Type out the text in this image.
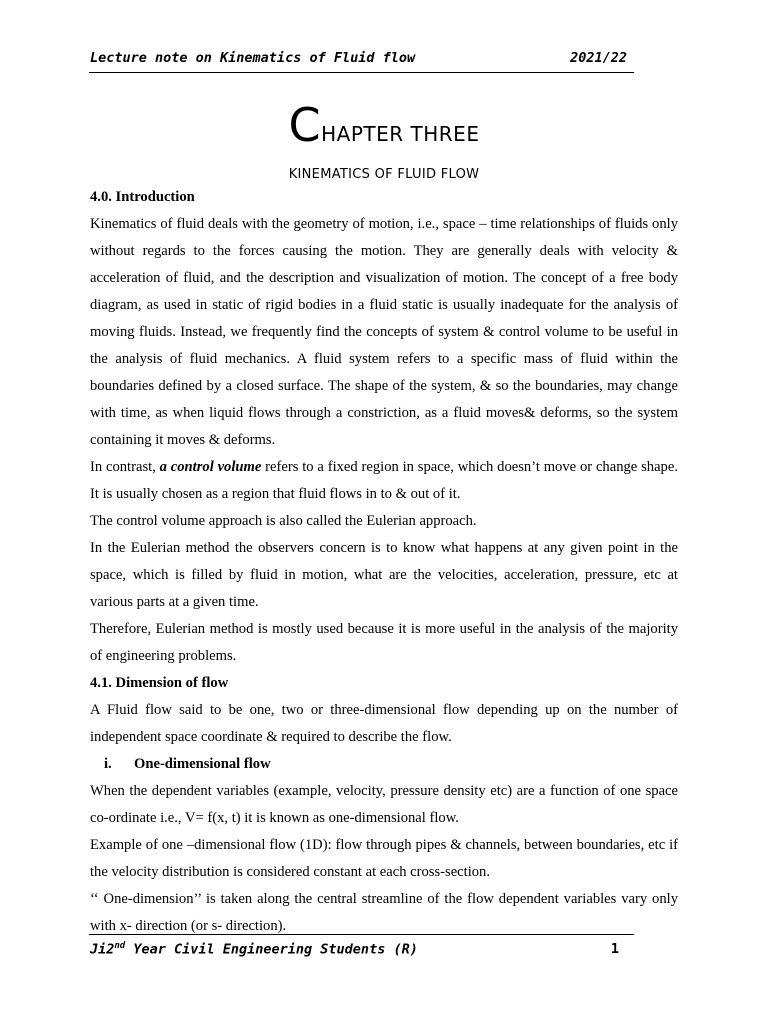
Lecture note on Kinematics of Fluid flow	2021/22
CHAPTER THREE
KINEMATICS OF FLUID FLOW

4.0. Introduction

Kinematics of fluid deals with the geometry of motion, i.e., space – time relationships of fluids only without regards to the forces causing the motion. They are generally deals with velocity & acceleration of fluid, and the description and visualization of motion. The concept of a free body diagram, as used in static of rigid bodies in a fluid static is usually inadequate for the analysis of moving fluids. Instead, we frequently find the concepts of system & control volume to be useful in the analysis of fluid mechanics. A fluid system refers to a specific mass of fluid within the boundaries defined by a closed surface. The shape of the system, & so the boundaries, may change with time, as when liquid flows through a constriction, as a fluid moves& deforms, so the system containing it moves & deforms.

In contrast, a control volume refers to a fixed region in space, which doesn’t move or change shape. It is usually chosen as a region that fluid flows in to & out of it.

The control volume approach is also called the Eulerian approach.

In the Eulerian method the observers concern is to know what happens at any given point in the space, which is filled by fluid in motion, what are the velocities, acceleration, pressure, etc at various parts at a given time.

Therefore, Eulerian method is mostly used because it is more useful in the analysis of the majority of engineering problems.

4.1. Dimension of flow

A Fluid flow said to be one, two or three-dimensional flow depending up on the number of independent space coordinate & required to describe the flow.

i. One-dimensional flow

When the dependent variables (example, velocity, pressure density etc) are a function of one space co-ordinate i.e., V= f(x, t) it is known as one-dimensional flow.

Example of one –dimensional flow (1D): flow through pipes & channels, between boundaries, etc if the velocity distribution is considered constant at each cross-section.

‘‘ One-dimension’’ is taken along the central streamline of the flow dependent variables vary only with x- direction (or s- direction).

Ji2nd Year Civil Engineering Students (R)	1
